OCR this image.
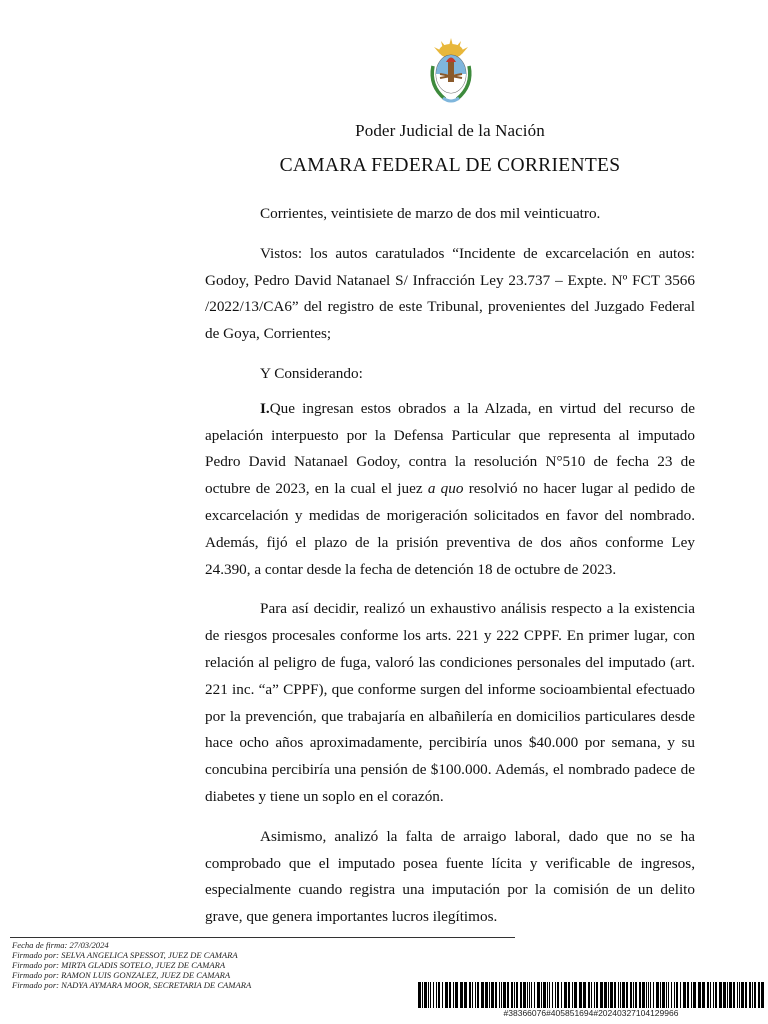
Poder Judicial de la Nación
CAMARA FEDERAL DE CORRIENTES

Corrientes, veintisiete de marzo de dos mil veinticuatro.

Vistos: los autos caratulados “Incidente de excarcelación en autos: Godoy, Pedro David Natanael S/ Infracción Ley 23.737 – Expte. Nº FCT 3566 /2022/13/CA6” del registro de este Tribunal, provenientes del Juzgado Federal de Goya, Corrientes;

Y Considerando:

I.Que ingresan estos obrados a la Alzada, en virtud del recurso de apelación interpuesto por la Defensa Particular que representa al imputado Pedro David Natanael Godoy, contra la resolución N°510 de fecha 23 de octubre de 2023, en la cual el juez a quo resolvió no hacer lugar al pedido de excarcelación y medidas de morigeración solicitados en favor del nombrado. Además, fijó el plazo de la prisión preventiva de dos años conforme Ley 24.390, a contar desde la fecha de detención 18 de octubre de 2023.

Para así decidir, realizó un exhaustivo análisis respecto a la existencia de riesgos procesales conforme los arts. 221 y 222 CPPF. En primer lugar, con relación al peligro de fuga, valoró las condiciones personales del imputado (art. 221 inc. “a” CPPF), que conforme surgen del informe socioambiental efectuado por la prevención, que trabajaría en albañilería en domicilios particulares desde hace ocho años aproximadamente, percibiría unos $40.000 por semana, y su concubina percibiría una pensión de $100.000. Además, el nombrado padece de diabetes y tiene un soplo en el corazón.

Asimismo, analizó la falta de arraigo laboral, dado que no se ha comprobado que el imputado posea fuente lícita y verificable de ingresos, especialmente cuando registra una imputación por la comisión de un delito grave, que genera importantes lucros ilegítimos.

Fecha de firma: 27/03/2024
Firmado por: SELVA ANGELICA SPESSOT, JUEZ DE CAMARA
Firmado por: MIRTA GLADIS SOTELO, JUEZ DE CAMARA
Firmado por: RAMON LUIS GONZALEZ, JUEZ DE CAMARA
Firmado por: NADYA AYMARA MOOR, SECRETARIA DE CAMARA
#38366076#405851694#20240327104129966
